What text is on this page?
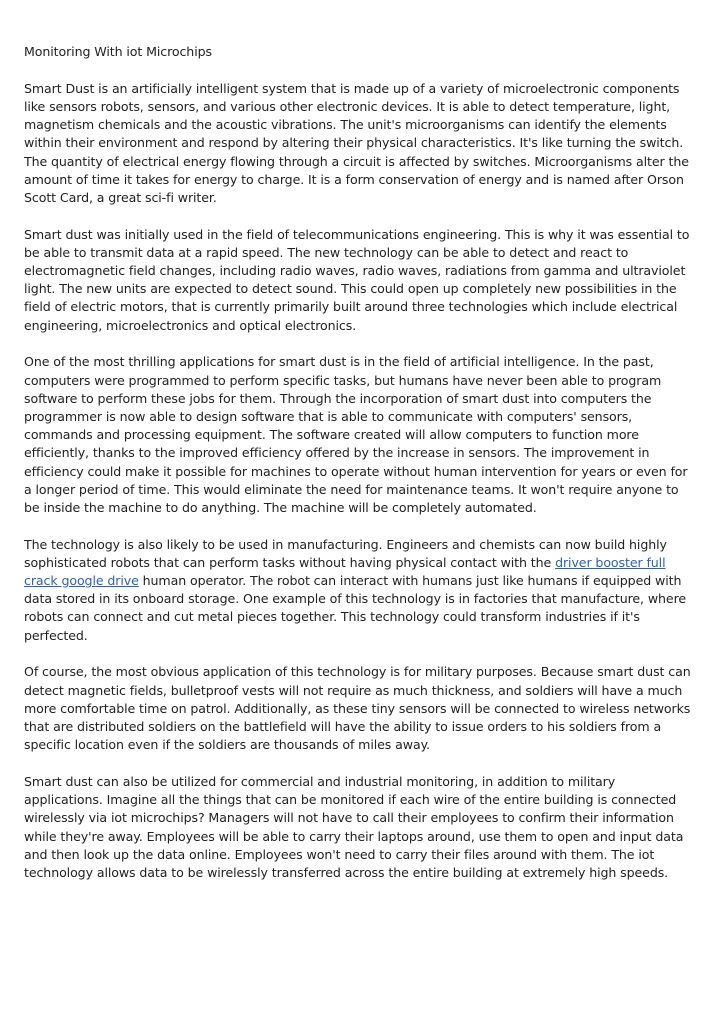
Monitoring With iot Microchips

Smart Dust is an artificially intelligent system that is made up of a variety of microelectronic components like sensors robots, sensors, and various other electronic devices. It is able to detect temperature, light, magnetism chemicals and the acoustic vibrations. The unit's microorganisms can identify the elements within their environment and respond by altering their physical characteristics. It's like turning the switch. The quantity of electrical energy flowing through a circuit is affected by switches. Microorganisms alter the amount of time it takes for energy to charge. It is a form conservation of energy and is named after Orson Scott Card, a great sci-fi writer.

Smart dust was initially used in the field of telecommunications engineering. This is why it was essential to be able to transmit data at a rapid speed. The new technology can be able to detect and react to electromagnetic field changes, including radio waves, radio waves, radiations from gamma and ultraviolet light. The new units are expected to detect sound. This could open up completely new possibilities in the field of electric motors, that is currently primarily built around three technologies which include electrical engineering, microelectronics and optical electronics.

One of the most thrilling applications for smart dust is in the field of artificial intelligence. In the past, computers were programmed to perform specific tasks, but humans have never been able to program software to perform these jobs for them. Through the incorporation of smart dust into computers the programmer is now able to design software that is able to communicate with computers' sensors, commands and processing equipment. The software created will allow computers to function more efficiently, thanks to the improved efficiency offered by the increase in sensors. The improvement in efficiency could make it possible for machines to operate without human intervention for years or even for a longer period of time. This would eliminate the need for maintenance teams. It won't require anyone to be inside the machine to do anything. The machine will be completely automated.

The technology is also likely to be used in manufacturing. Engineers and chemists can now build highly sophisticated robots that can perform tasks without having physical contact with the driver booster full crack google drive human operator. The robot can interact with humans just like humans if equipped with data stored in its onboard storage. One example of this technology is in factories that manufacture, where robots can connect and cut metal pieces together. This technology could transform industries if it's perfected.

Of course, the most obvious application of this technology is for military purposes. Because smart dust can detect magnetic fields, bulletproof vests will not require as much thickness, and soldiers will have a much more comfortable time on patrol. Additionally, as these tiny sensors will be connected to wireless networks that are distributed soldiers on the battlefield will have the ability to issue orders to his soldiers from a specific location even if the soldiers are thousands of miles away.

Smart dust can also be utilized for commercial and industrial monitoring, in addition to military applications. Imagine all the things that can be monitored if each wire of the entire building is connected wirelessly via iot microchips? Managers will not have to call their employees to confirm their information while they're away. Employees will be able to carry their laptops around, use them to open and input data and then look up the data online. Employees won't need to carry their files around with them. The iot technology allows data to be wirelessly transferred across the entire building at extremely high speeds.
